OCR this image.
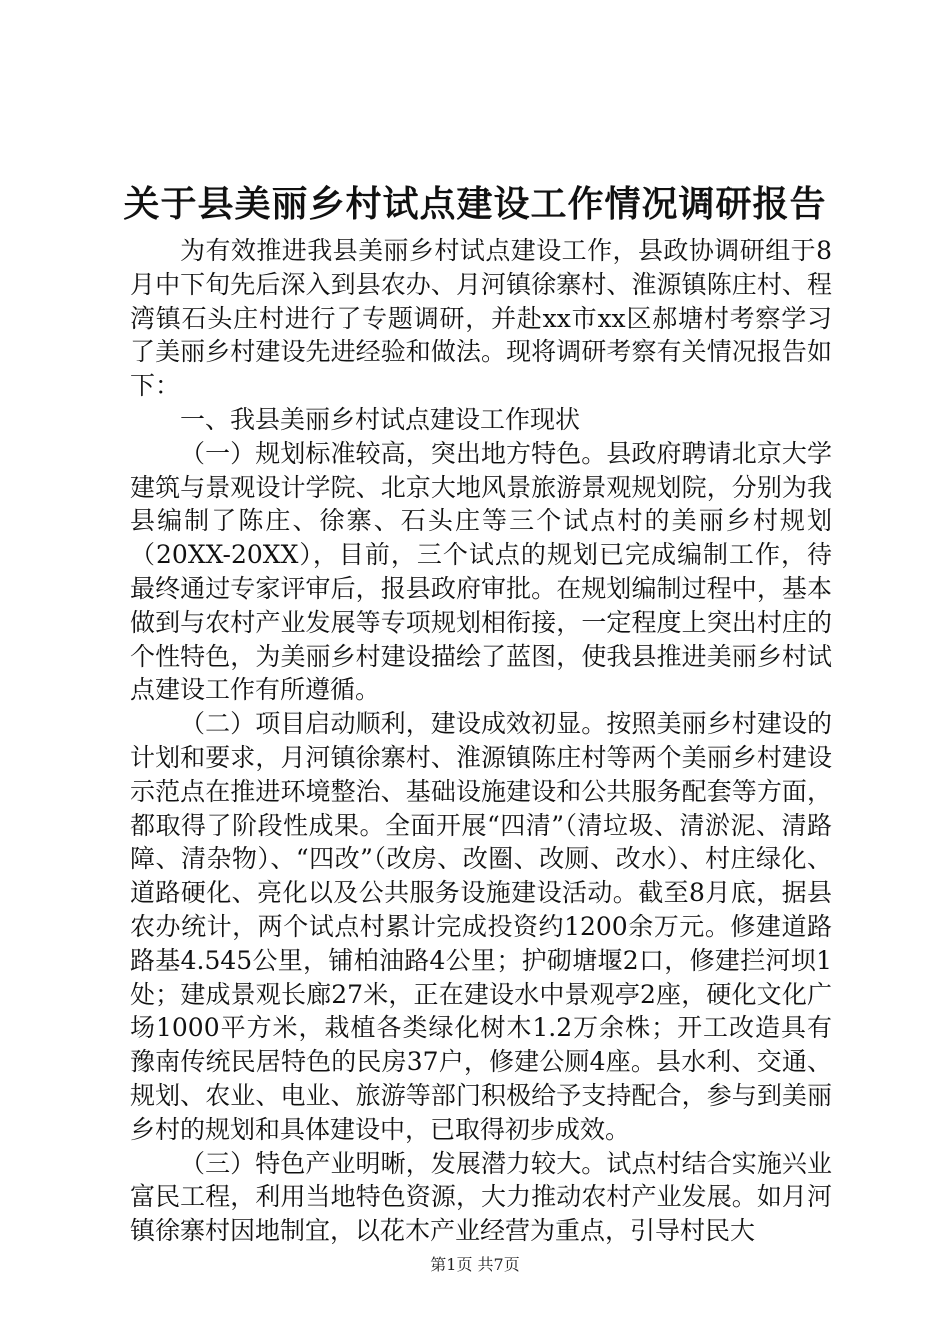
关于县美丽乡村试点建设工作情况调研报告

为有效推进我县美丽乡村试点建设工作，县政协调研组于8月中下旬先后深入到县农办、月河镇徐寨村、淮源镇陈庄村、程湾镇石头庄村进行了专题调研，并赴xx市xx区郝塘村考察学习了美丽乡村建设先进经验和做法。现将调研考察有关情况报告如下：

一、我县美丽乡村试点建设工作现状

（一）规划标准较高，突出地方特色。县政府聘请北京大学建筑与景观设计学院、北京大地风景旅游景观规划院，分别为我县编制了陈庄、徐寨、石头庄等三个试点村的美丽乡村规划（20XX-20XX），目前，三个试点的规划已完成编制工作，待最终通过专家评审后，报县政府审批。在规划编制过程中，基本做到与农村产业发展等专项规划相衔接，一定程度上突出村庄的个性特色，为美丽乡村建设描绘了蓝图，使我县推进美丽乡村试点建设工作有所遵循。

（二）项目启动顺利，建设成效初显。按照美丽乡村建设的计划和要求，月河镇徐寨村、淮源镇陈庄村等两个美丽乡村建设示范点在推进环境整治、基础设施建设和公共服务配套等方面，都取得了阶段性成果。全面开展“四清”（清垃圾、清淤泥、清路障、清杂物）、“四改”（改房、改圈、改厕、改水）、村庄绿化、道路硬化、亮化以及公共服务设施建设活动。截至8月底，据县农办统计，两个试点村累计完成投资约1200余万元。修建道路路基4.545公里，铺柏油路4公里；护砌塘堰2口，修建拦河坝1处；建成景观长廊27米，正在建设水中景观亭2座，硬化文化广场1000平方米，栽植各类绿化树木1.2万余株；开工改造具有豫南传统民居特色的民房37户，修建公厕4座。县水利、交通、规划、农业、电业、旅游等部门积极给予支持配合，参与到美丽乡村的规划和具体建设中，已取得初步成效。

（三）特色产业明晰，发展潜力较大。试点村结合实施兴业富民工程，利用当地特色资源，大力推动农村产业发展。如月河镇徐寨村因地制宜，以花木产业经营为重点，引导村民大

第1页 共7页
